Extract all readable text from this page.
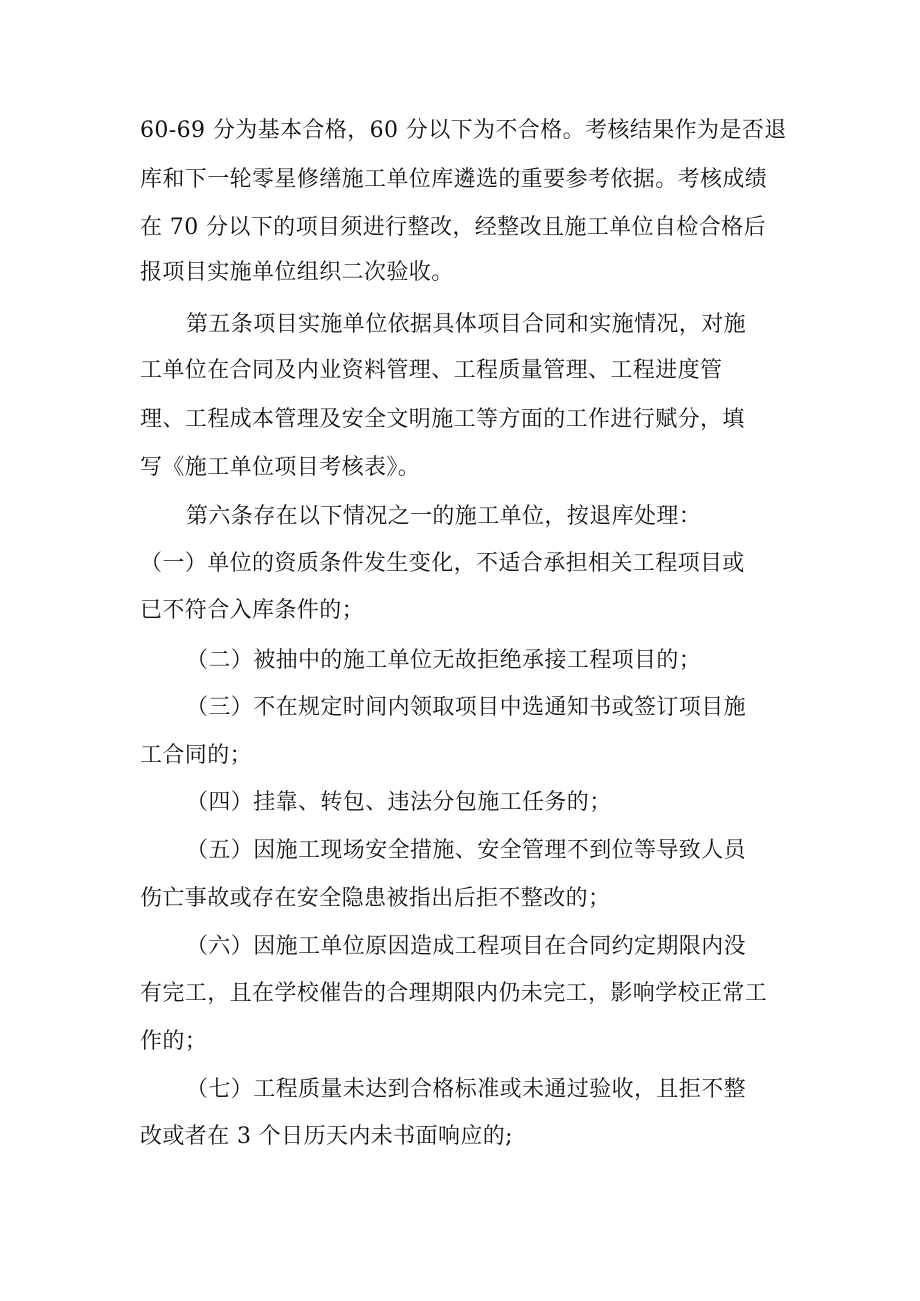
60-69 分为基本合格，60 分以下为不合格。考核结果作为是否退
库和下一轮零星修缮施工单位库遴选的重要参考依据。考核成绩
在 70 分以下的项目须进行整改，经整改且施工单位自检合格后
报项目实施单位组织二次验收。
第五条项目实施单位依据具体项目合同和实施情况，对施
工单位在合同及内业资料管理、工程质量管理、工程进度管
理、工程成本管理及安全文明施工等方面的工作进行赋分，填
写《施工单位项目考核表》。
第六条存在以下情况之一的施工单位，按退库处理：
（一）单位的资质条件发生变化，不适合承担相关工程项目或
已不符合入库条件的；
（二）被抽中的施工单位无故拒绝承接工程项目的；
（三）不在规定时间内领取项目中选通知书或签订项目施
工合同的；
（四）挂靠、转包、违法分包施工任务的；
（五）因施工现场安全措施、安全管理不到位等导致人员
伤亡事故或存在安全隐患被指出后拒不整改的；
（六）因施工单位原因造成工程项目在合同约定期限内没
有完工，且在学校催告的合理期限内仍未完工，影响学校正常工
作的；
（七）工程质量未达到合格标准或未通过验收，且拒不整
改或者在 3 个日历天内未书面响应的;
